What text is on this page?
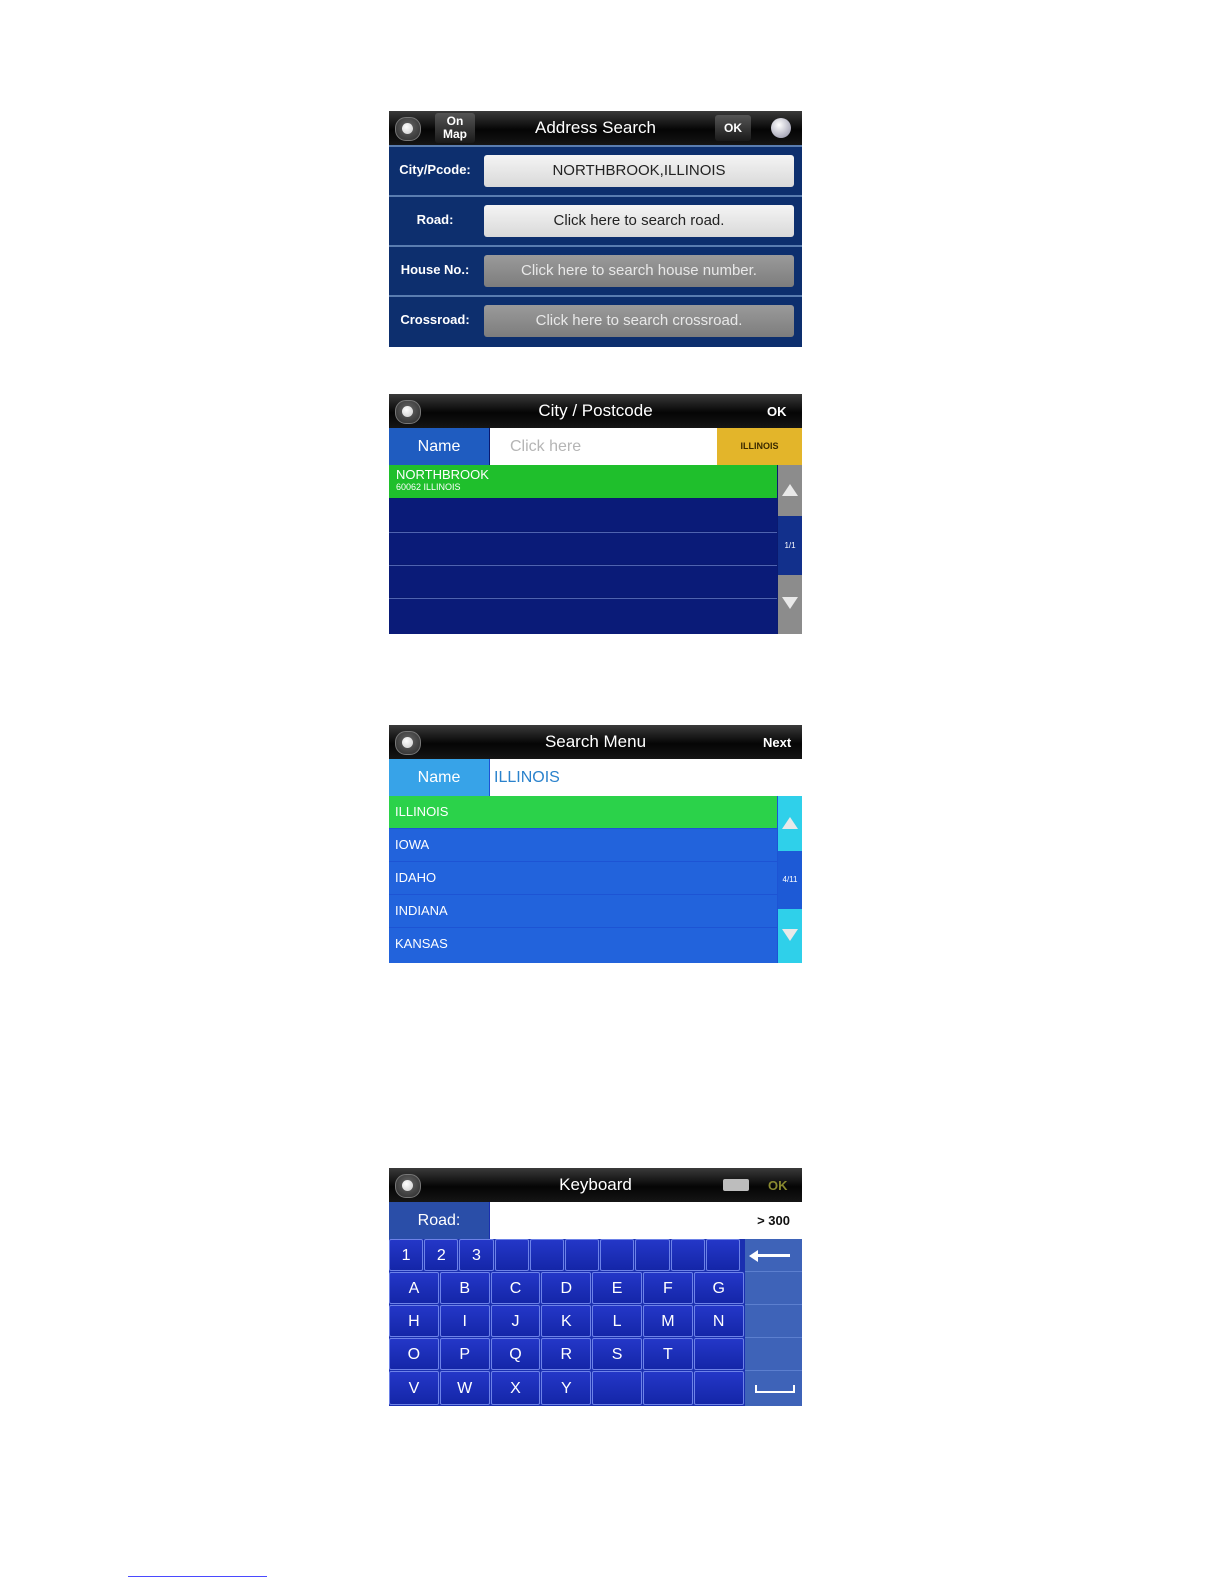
On
Map	Address Search	OK
City/Pcode:	NORTHBROOK,ILLINOIS
Road:	Click here to search road.
House No.:	Click here to search house number.
Crossroad:	Click here to search crossroad.
City / Postcode	OK
Name	Click here	ILLINOIS
NORTHBROOK
60062 ILLINOIS
1/1
Search Menu	Next
Name	ILLINOIS
ILLINOIS
IOWA
IDAHO
INDIANA
KANSAS
4/11
Keyboard	OK
Road:	> 300
1	2	3
A	B	C	D	E	F	G
H	I	J	K	L	M	N
O	P	Q	R	S	T
V	W	X	Y
